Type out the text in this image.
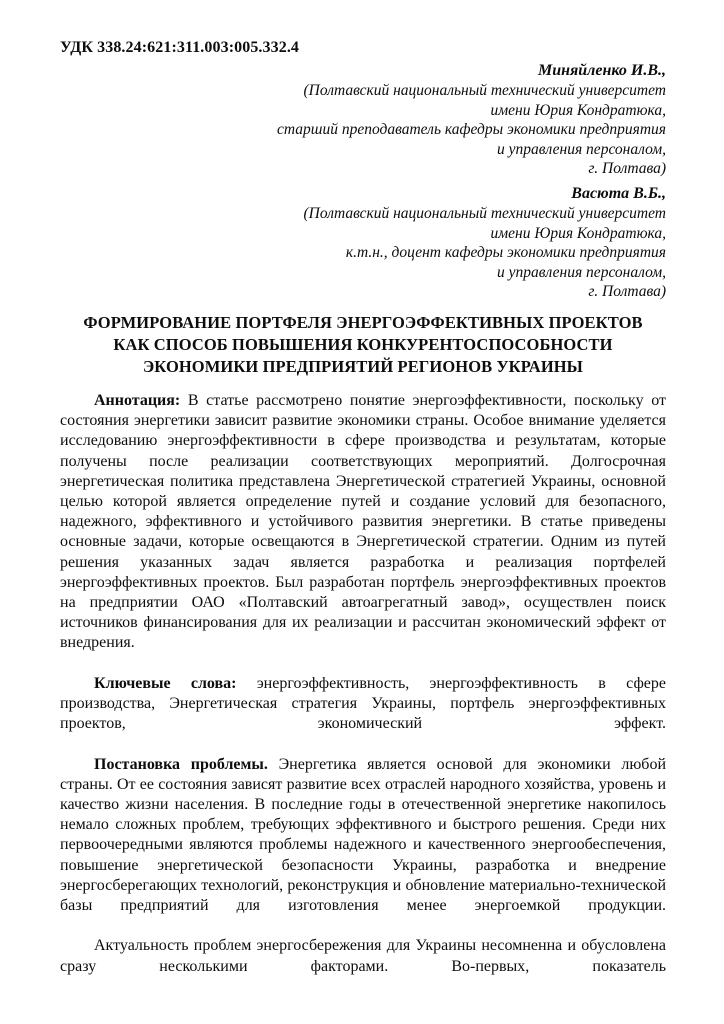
УДК 338.24:621:311.003:005.332.4
Миняйленко И.В.,
(Полтавский национальный технический университет
имени Юрия Кондратюка,
старший преподаватель кафедры экономики предприятия
и управления персоналом,
г. Полтава)
Васюта В.Б.,
(Полтавский национальный технический университет
имени Юрия Кондратюка,
к.т.н., доцент кафедры экономики предприятия
и управления персоналом,
г. Полтава)
ФОРМИРОВАНИЕ ПОРТФЕЛЯ ЭНЕРГОЭФФЕКТИВНЫХ ПРОЕКТОВ
КАК СПОСОБ ПОВЫШЕНИЯ КОНКУРЕНТОСПОСОБНОСТИ
ЭКОНОМИКИ ПРЕДПРИЯТИЙ РЕГИОНОВ УКРАИНЫ

Аннотация: В статье рассмотрено понятие энергоэффективности, поскольку от состояния энергетики зависит развитие экономики страны. Особое внимание уделяется исследованию энергоэффективности в сфере производства и результатам, которые получены после реализации соответствующих мероприятий. Долгосрочная энергетическая политика представлена Энергетической стратегией Украины, основной целью которой является определение путей и создание условий для безопасного, надежного, эффективного и устойчивого развития энергетики. В статье приведены основные задачи, которые освещаются в Энергетической стратегии. Одним из путей решения указанных задач является разработка и реализация портфелей энергоэффективных проектов. Был разработан портфель энергоэффективных проектов на предприятии ОАО «Полтавский автоагрегатный завод», осуществлен поиск источников финансирования для их реализации и рассчитан экономический эффект от внедрения.

Ключевые слова: энергоэффективность, энергоэффективность в сфере производства, Энергетическая стратегия Украины, портфель энергоэффективных проектов, экономический эффект.

Постановка проблемы. Энергетика является основой для экономики любой страны. От ее состояния зависят развитие всех отраслей народного хозяйства, уровень и качество жизни населения. В последние годы в отечественной энергетике накопилось немало сложных проблем, требующих эффективного и быстрого решения. Среди них первоочередными являются проблемы надежного и качественного энергообеспечения, повышение энергетической безопасности Украины, разработка и внедрение энергосберегающих технологий, реконструкция и обновление материально-технической базы предприятий для изготовления менее энергоемкой продукции.

Актуальность проблем энергосбережения для Украины несомненна и обусловлена сразу несколькими факторами. Во-первых, показатель
